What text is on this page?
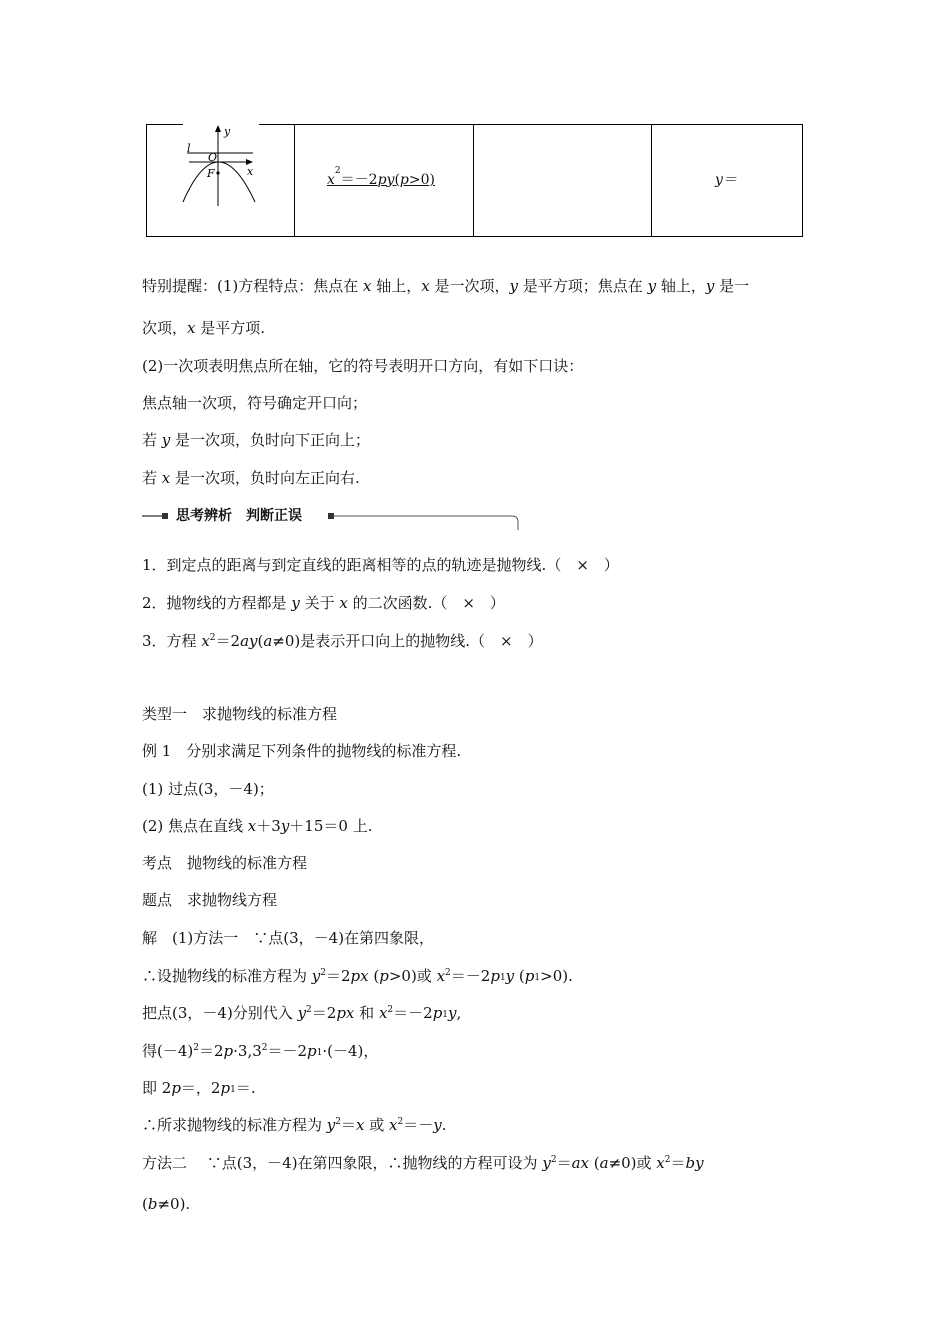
y
x
l
O
F	$x^2=-2py(p>0)$	y＝
特别提醒：(1)方程特点：焦点在 x 轴上，x 是一次项，y 是平方项；焦点在 y 轴上，y 是一
次项，x 是平方项.
(2)一次项表明焦点所在轴，它的符号表明开口方向，有如下口诀：
焦点轴一次项，符号确定开口向；
若 y 是一次项，负时向下正向上；
若 x 是一次项，负时向左正向右.
思考辨析　判断正误
1．到定点的距离与到定直线的距离相等的点的轨迹是抛物线.（　×　）
2．抛物线的方程都是 y 关于 x 的二次函数.（　×　）
3．方程 $x^2=2ay(a\ne 0)$是表示开口向上的抛物线.（　×　）
类型一　求抛物线的标准方程
例 1　分别求满足下列条件的抛物线的标准方程.
(1) 过点(3，－4)；
(2) 焦点在直线 x＋3y＋15＝0 上.
考点　抛物线的标准方程
题点　求抛物线方程
解　(1)方法一　∵点(3，－4)在第四象限，
∴设抛物线的标准方程为 $y^2=2px$ (p>0)或 $x^2=-2p_1y$ $(p_1>0)$.
把点(3，－4)分别代入 $y^2=2px$ 和 $x^2=-2p_1y$,
得$(-4)^2=2p\cdot 3,3^2=-2p_1\cdot(-4)$，
即 2p＝，$2p_1=$.
∴所求抛物线的标准方程为 $y^2=x$ 或 $x^2=-y$.
方法二　 ∵点(3，－4)在第四象限，∴抛物线的方程可设为 $y^2=ax$ (a≠0)或 $x^2=by$
(b≠0).
